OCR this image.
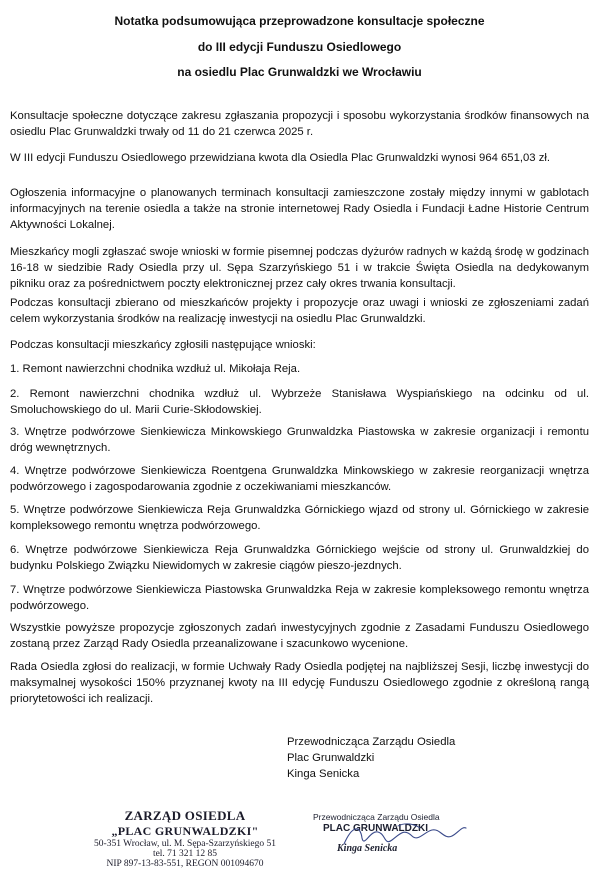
Notatka podsumowująca przeprowadzone konsultacje społeczne
do III edycji Funduszu Osiedlowego
na osiedlu Plac Grunwaldzki we Wrocławiu

Konsultacje społeczne dotyczące zakresu zgłaszania propozycji i sposobu wykorzystania środków finansowych na osiedlu Plac Grunwaldzki trwały od 11 do 21 czerwca 2025 r.

W III edycji Funduszu Osiedlowego przewidziana kwota dla Osiedla Plac Grunwaldzki wynosi 964 651,03 zł.

Ogłoszenia informacyjne o planowanych terminach konsultacji zamieszczone zostały między innymi w gablotach informacyjnych na terenie osiedla a także na stronie internetowej Rady Osiedla i Fundacji Ładne Historie Centrum Aktywności Lokalnej.

Mieszkańcy mogli zgłaszać swoje wnioski w formie pisemnej podczas dyżurów radnych w każdą środę w godzinach 16-18 w siedzibie Rady Osiedla przy ul. Sępa Szarzyńskiego 51 i w trakcie Święta Osiedla na dedykowanym pikniku oraz za pośrednictwem poczty elektronicznej przez cały okres trwania konsultacji.

Podczas konsultacji zbierano od mieszkańców projekty i propozycje oraz uwagi i wnioski ze zgłoszeniami zadań celem wykorzystania środków na realizację inwestycji na osiedlu Plac Grunwaldzki.

Podczas konsultacji mieszkańcy zgłosili następujące wnioski:

1. Remont nawierzchni chodnika wzdłuż ul. Mikołaja Reja.

2. Remont nawierzchni chodnika wzdłuż ul. Wybrzeże Stanisława Wyspiańskiego na odcinku od ul. Smoluchowskiego do ul. Marii Curie-Skłodowskiej.

3. Wnętrze podwórzowe Sienkiewicza Minkowskiego Grunwaldzka Piastowska w zakresie organizacji i remontu dróg wewnętrznych.

4. Wnętrze podwórzowe Sienkiewicza Roentgena Grunwaldzka Minkowskiego w zakresie reorganizacji wnętrza podwórzowego i zagospodarowania zgodnie z oczekiwaniami mieszkanców.

5. Wnętrze podwórzowe Sienkiewicza Reja Grunwaldzka Górnickiego wjazd od strony ul. Górnickiego w zakresie kompleksowego remontu wnętrza podwórzowego.

6. Wnętrze podwórzowe Sienkiewicza Reja Grunwaldzka Górnickiego wejście od strony ul. Grunwaldzkiej do budynku Polskiego Związku Niewidomych w zakresie ciągów pieszo-jezdnych.

7. Wnętrze podwórzowe Sienkiewicza Piastowska Grunwaldzka Reja w zakresie kompleksowego remontu wnętrza podwórzowego.

Wszystkie powyższe propozycje zgłoszonych zadań inwestycyjnych zgodnie z Zasadami Funduszu Osiedlowego zostaną przez Zarząd Rady Osiedla przeanalizowane i szacunkowo wycenione.

Rada Osiedla zgłosi do realizacji, w formie Uchwały Rady Osiedla podjętej na najbliższej Sesji, liczbę inwestycji do maksymalnej wysokości 150% przyznanej kwoty na III edycję Funduszu Osiedlowego zgodnie z określoną rangą priorytetowości ich realizacji.

Przewodnicząca Zarządu Osiedla
Plac Grunwaldzki
Kinga Senicka
ZARZĄD OSIEDLA
„PLAC GRUNWALDZKI"
50-351 Wrocław, ul. M. Sępa-Szarzyńskiego 51
tel. 71 321 12 85
NIP 897-13-83-551, REGON 001094670
Przewodnicząca Zarządu Osiedla
PLAC GRUNWALDZKI
Kinga Senicka
